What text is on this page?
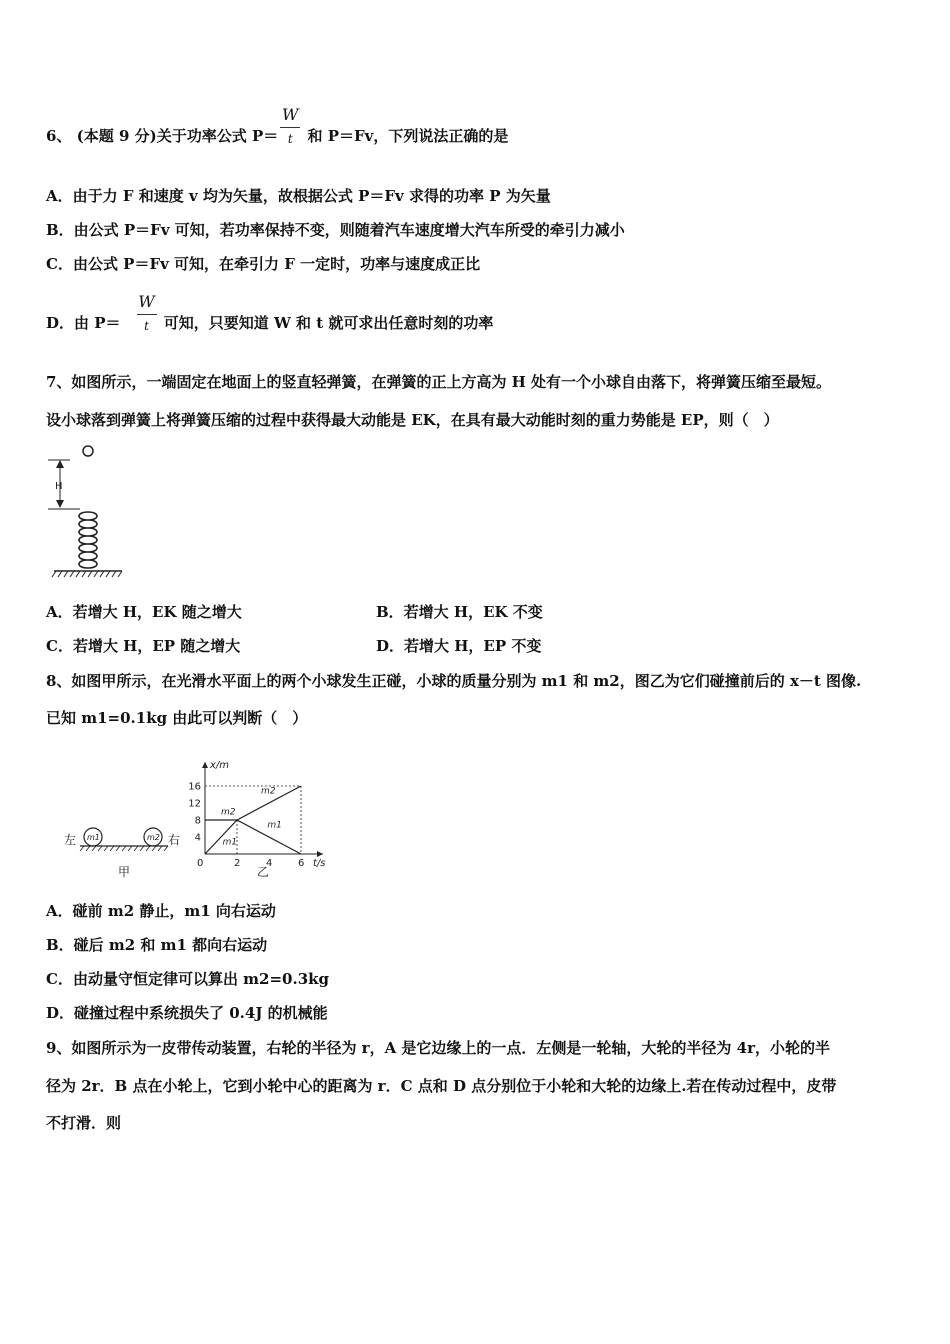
6、 (本题 9 分)关于功率公式 $P= \frac{W}{t}$ 和 P＝Fv，下列说法正确的是
A．由于力 F 和速度 v 均为矢量，故根据公式 P＝Fv 求得的功率 P 为矢量
B．由公式 P＝Fv 可知，若功率保持不变，则随着汽车速度增大汽车所受的牵引力减小
C．由公式 P＝Fv 可知，在牵引力 F 一定时，功率与速度成正比
D．由 $P= \frac{W}{t}$ 可知，只要知道 W 和 t 就可求出任意时刻的功率
7、如图所示，一端固定在地面上的竖直轻弹簧，在弹簧的正上方高为 H 处有一个小球自由落下，将弹簧压缩至最短。
设小球落到弹簧上将弹簧压缩的过程中获得最大动能是 EK，在具有最大动能时刻的重力势能是 EP，则（　）
H
A．若增大 H，EK 随之增大	B．若增大 H，EK 不变
C．若增大 H，EP 随之增大	D．若增大 H，EP 不变
8、如图甲所示，在光滑水平面上的两个小球发生正碰，小球的质量分别为 m1 和 m2，图乙为它们碰撞前后的 x－t 图像.
已知 m1=0.1kg 由此可以判断（　）
左 m1	m2 右
甲
t/s
x/m
0	2	4	6
4
8
12
16
m1
m1
m2
m2
乙
A．碰前 m2 静止，m1 向右运动
B．碰后 m2 和 m1 都向右运动
C．由动量守恒定律可以算出 m2=0.3kg
D．碰撞过程中系统损失了 0.4J 的机械能
9、如图所示为一皮带传动装置，右轮的半径为 r，A 是它边缘上的一点．左侧是一轮轴，大轮的半径为 4r，小轮的半
径为 2r．B 点在小轮上，它到小轮中心的距离为 r．C 点和 D 点分别位于小轮和大轮的边缘上.若在传动过程中，皮带
不打滑．则
